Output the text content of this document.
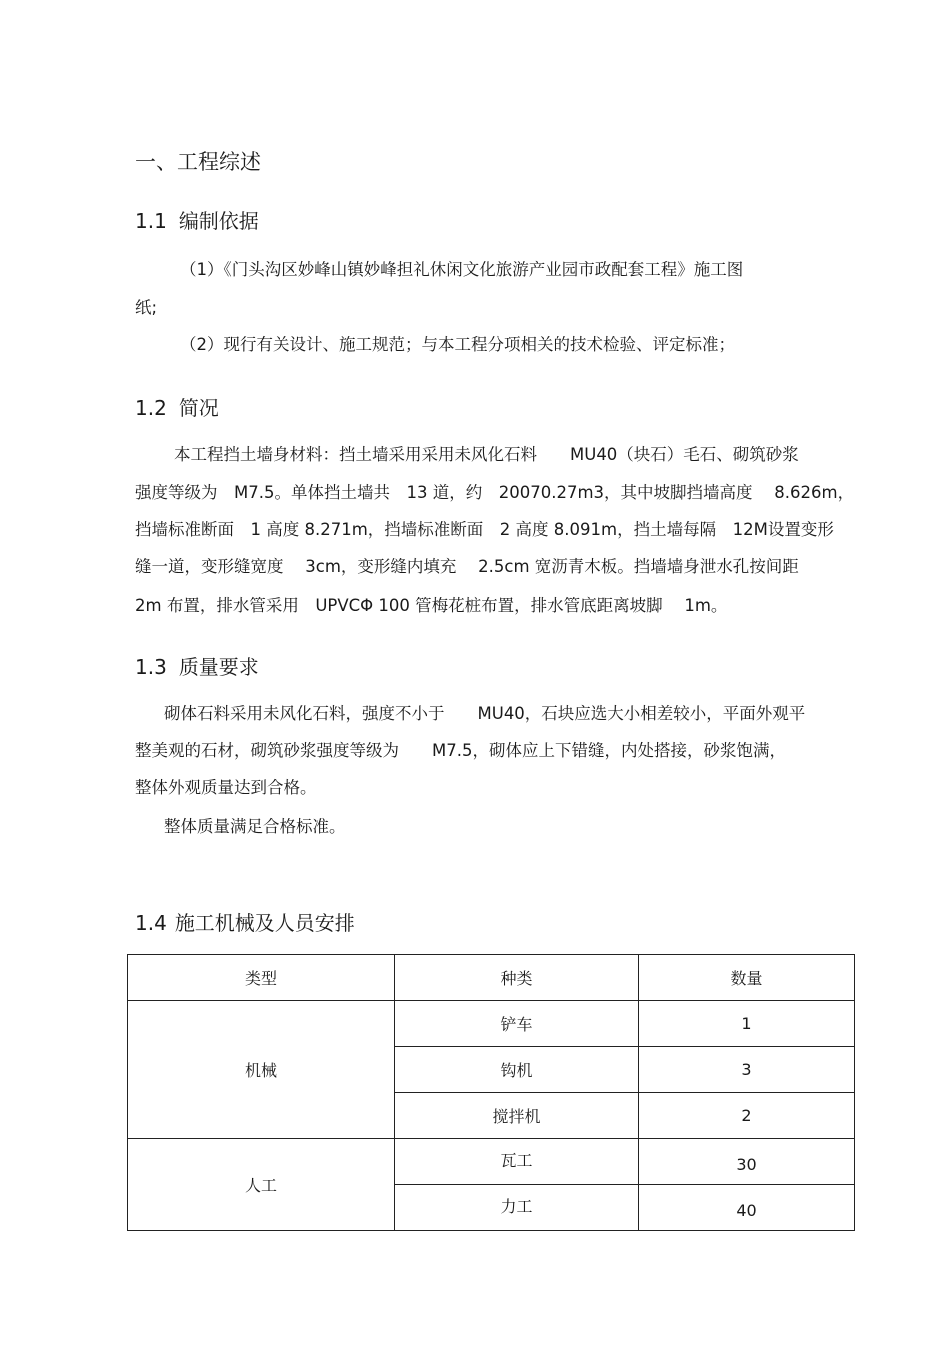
一、工程综述
1.1 编制依据
（1）《门头沟区妙峰山镇妙峰担礼休闲文化旅游产业园市政配套工程》施工图
纸;
（2）现行有关设计、施工规范；与本工程分项相关的技术检验、评定标准；
1.2 简况
本工程挡土墙身材料：挡土墙采用采用未风化石料　　MU40（块石）毛石、砌筑砂浆
强度等级为　M7.5。单体挡土墙共　13 道，约　20070.27m3，其中坡脚挡墙高度　 8.626m，
挡墙标准断面　1 高度 8.271m，挡墙标准断面　2 高度 8.091m，挡土墙每隔　12M设置变形
缝一道，变形缝宽度　 3cm，变形缝内填充　 2.5cm 宽沥青木板。挡墙墙身泄水孔按间距
2m 布置，排水管采用　UPVCΦ 100 管梅花桩布置，排水管底距离坡脚　 1m。
1.3 质量要求
砌体石料采用未风化石料，强度不小于　　MU40，石块应选大小相差较小，平面外观平
整美观的石材，砌筑砂浆强度等级为　　M7.5，砌体应上下错缝，内处搭接，砂浆饱满，
整体外观质量达到合格。
整体质量满足合格标准。
1.4 施工机械及人员安排
类型	种类	数量
机械	铲车	1
	钩机	3
	搅拌机	2
人工	瓦工	30
	力工	40
